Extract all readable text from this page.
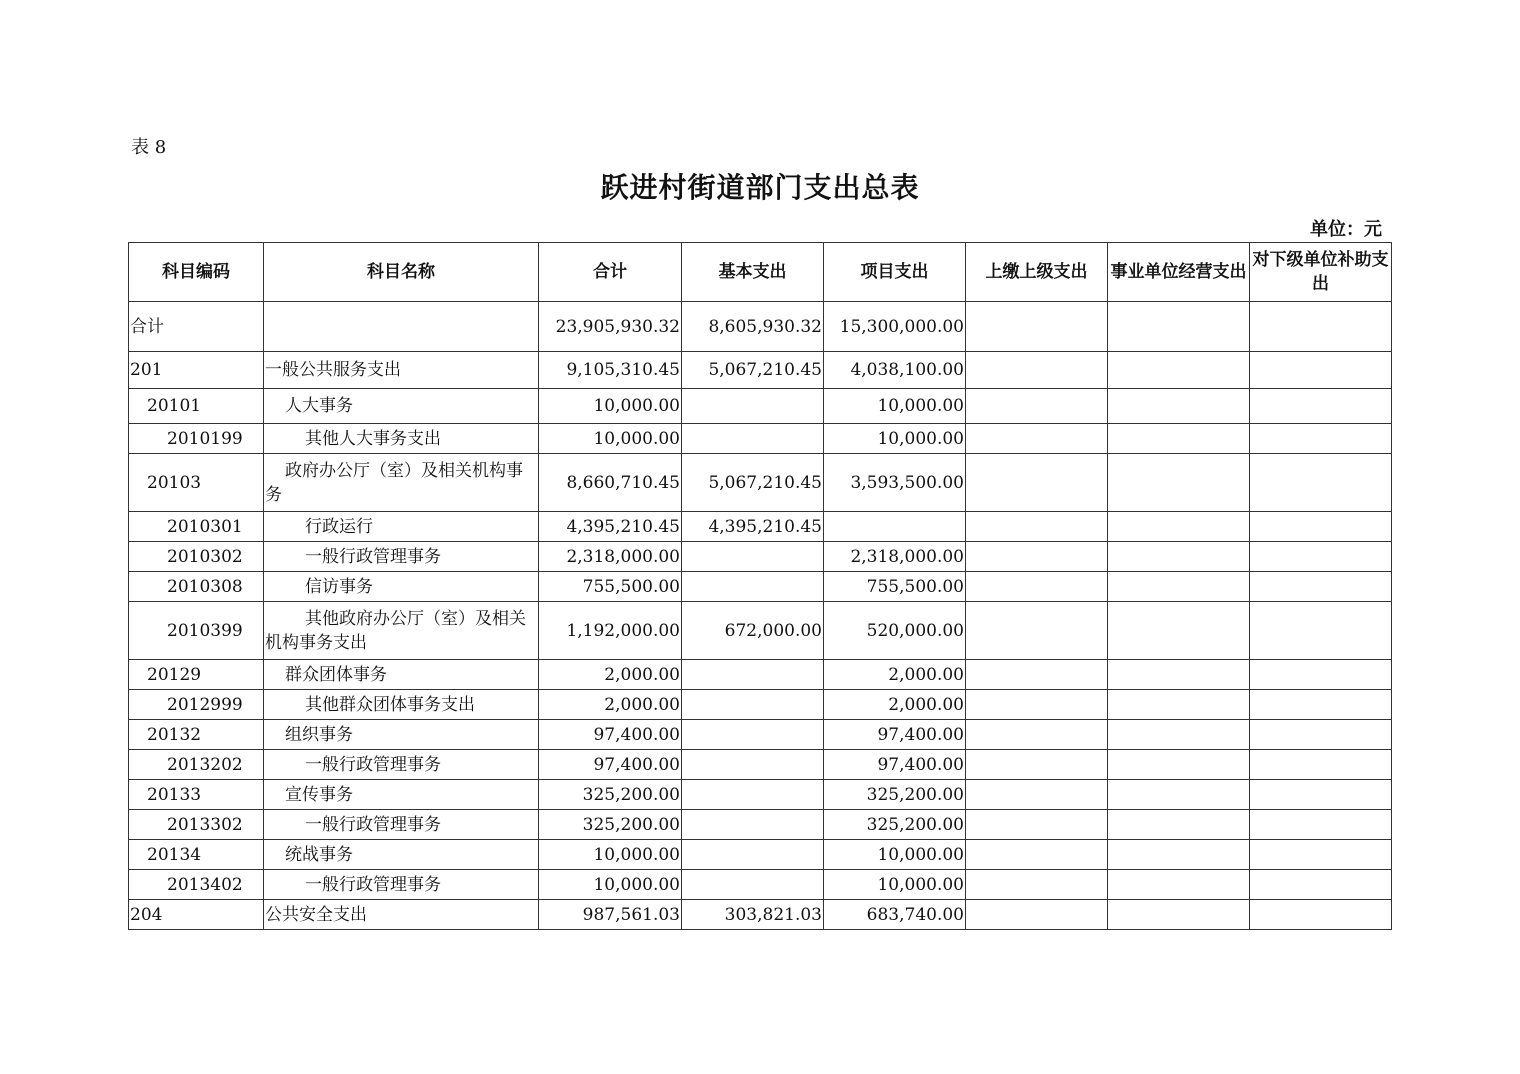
表 8
跃进村街道部门支出总表
单位：元
科目编码	科目名称	合计	基本支出	项目支出	上缴上级支出	事业单位经营支出	对下级单位补助支出
合计		23,905,930.32	8,605,930.32	15,300,000.00			
201	一般公共服务支出	9,105,310.45	5,067,210.45	4,038,100.00			
20101	人大事务	10,000.00		10,000.00			
2010199	其他人大事务支出	10,000.00		10,000.00			
20103	政府办公厅（室）及相关机构事务	8,660,710.45	5,067,210.45	3,593,500.00			
2010301	行政运行	4,395,210.45	4,395,210.45				
2010302	一般行政管理事务	2,318,000.00		2,318,000.00			
2010308	信访事务	755,500.00		755,500.00			
2010399	其他政府办公厅（室）及相关机构事务支出	1,192,000.00	672,000.00	520,000.00			
20129	群众团体事务	2,000.00		2,000.00			
2012999	其他群众团体事务支出	2,000.00		2,000.00			
20132	组织事务	97,400.00		97,400.00			
2013202	一般行政管理事务	97,400.00		97,400.00			
20133	宣传事务	325,200.00		325,200.00			
2013302	一般行政管理事务	325,200.00		325,200.00			
20134	统战事务	10,000.00		10,000.00			
2013402	一般行政管理事务	10,000.00		10,000.00			
204	公共安全支出	987,561.03	303,821.03	683,740.00			
